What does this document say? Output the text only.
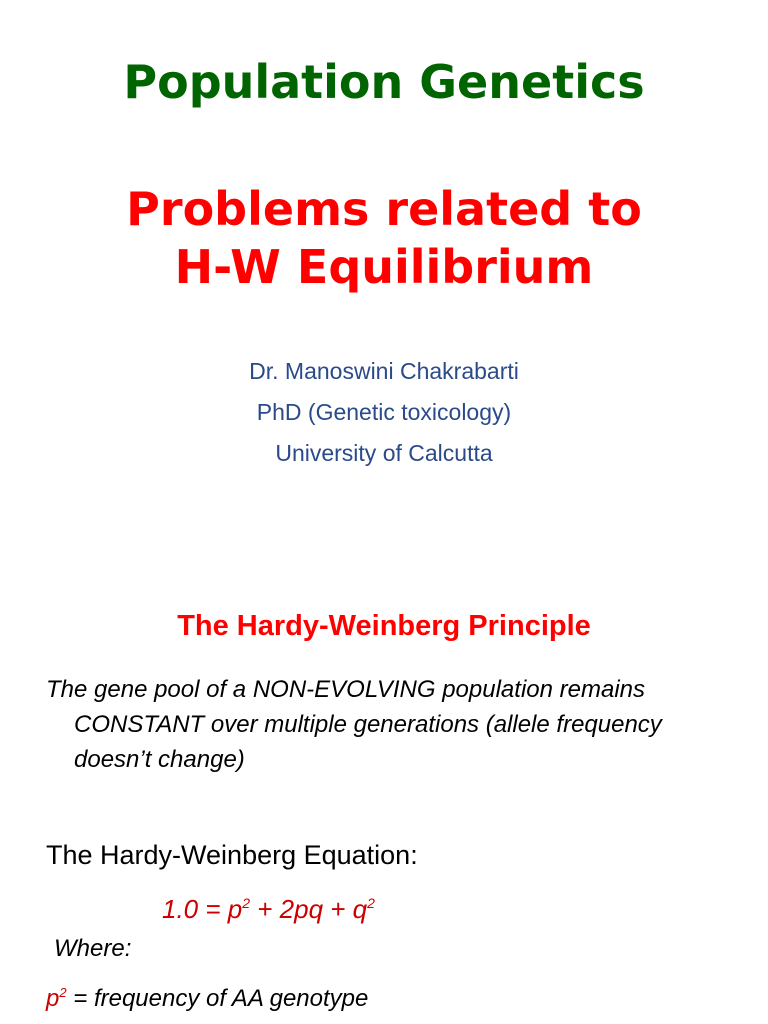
Population Genetics
Problems related to
H-W Equilibrium
Dr. Manoswini Chakrabarti
PhD (Genetic toxicology)
University of Calcutta
The Hardy-Weinberg Principle
The gene pool of a NON-EVOLVING population remains
CONSTANT over multiple generations (allele frequency
doesn’t change)
The Hardy-Weinberg Equation:
$1.0 = p^2 + 2pq + q^2$
Where:
$p^2$ = frequency of AA genotype
